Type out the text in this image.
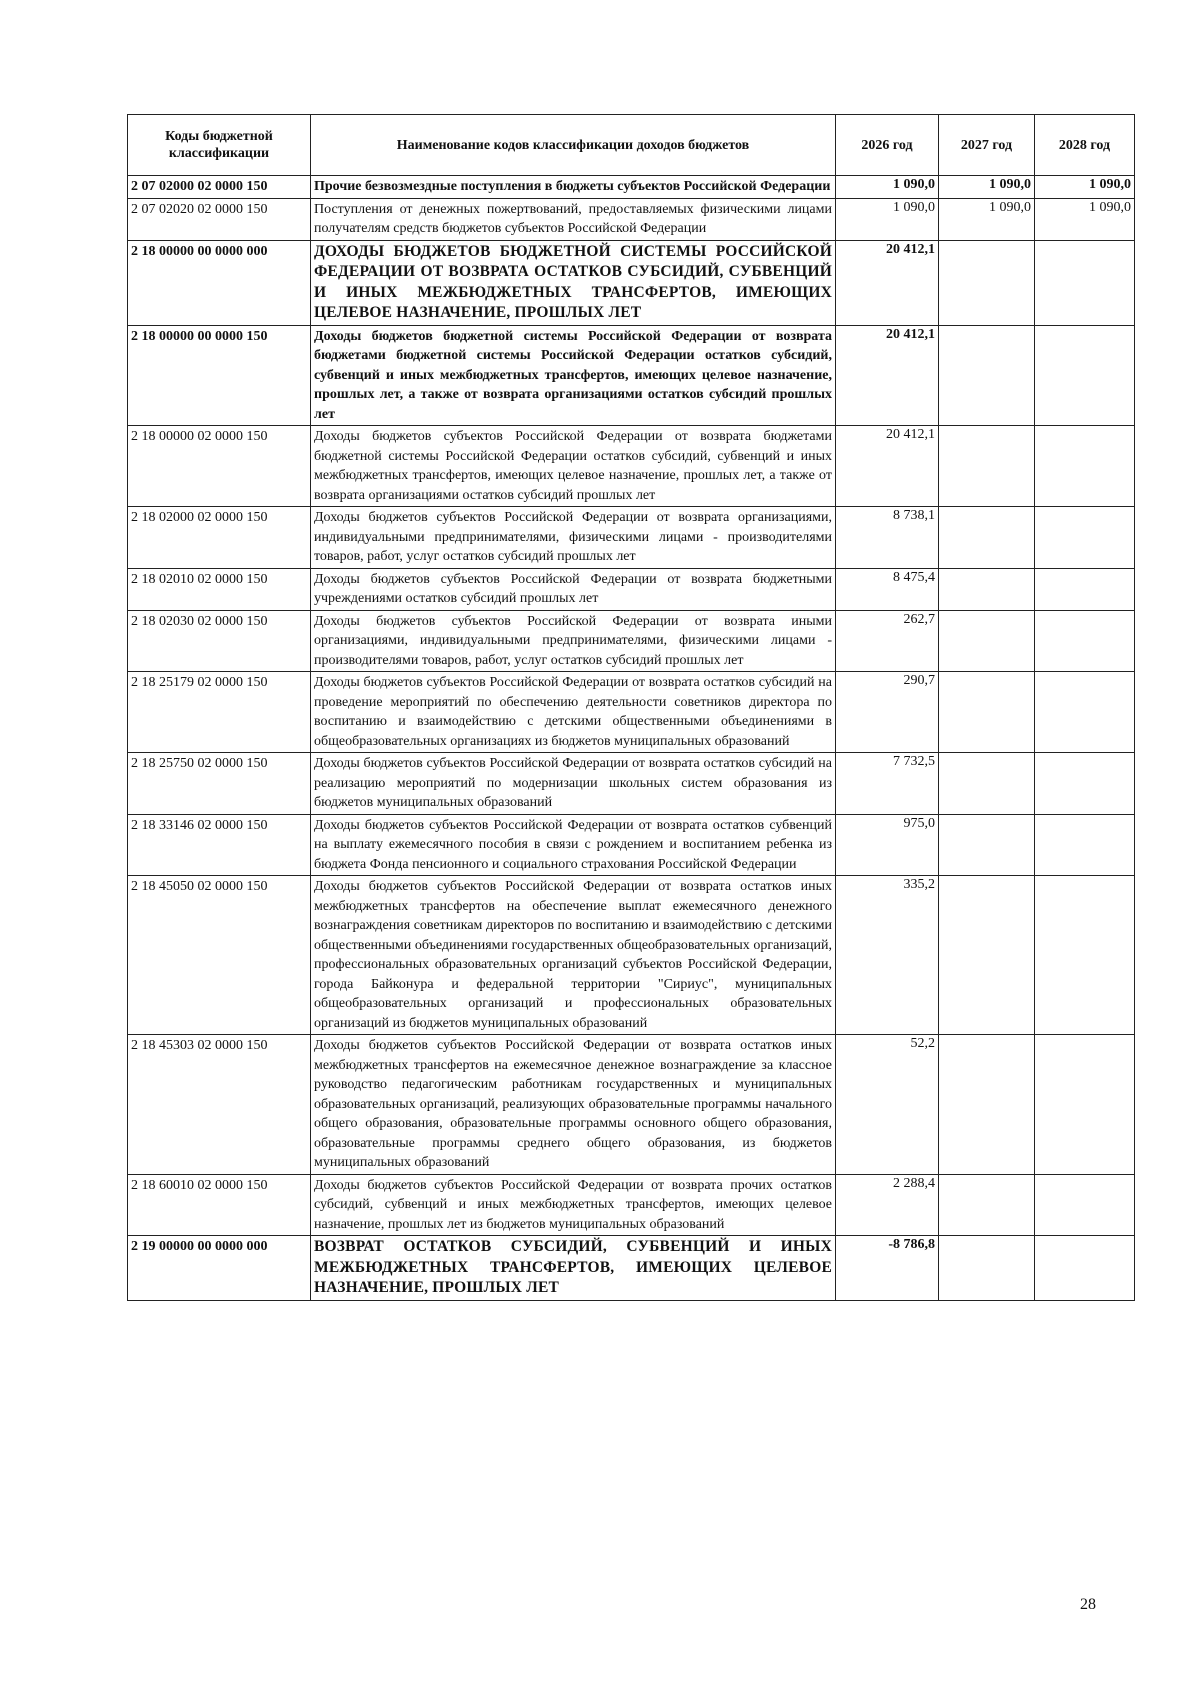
Коды бюджетной классификации	Наименование кодов классификации доходов бюджетов	2026 год	2027 год	2028 год
2 07 02000 02 0000 150	Прочие безвозмездные поступления в бюджеты субъектов Российской Федерации	1 090,0	1 090,0	1 090,0
2 07 02020 02 0000 150	Поступления от денежных пожертвований, предоставляемых физическими лицами получателям средств бюджетов субъектов Российской Федерации	1 090,0	1 090,0	1 090,0
2 18 00000 00 0000 000	ДОХОДЫ БЮДЖЕТОВ БЮДЖЕТНОЙ СИСТЕМЫ РОССИЙСКОЙ ФЕДЕРАЦИИ ОТ ВОЗВРАТА ОСТАТКОВ СУБСИДИЙ, СУБВЕНЦИЙ И ИНЫХ МЕЖБЮДЖЕТНЫХ ТРАНСФЕРТОВ, ИМЕЮЩИХ ЦЕЛЕВОЕ НАЗНАЧЕНИЕ, ПРОШЛЫХ ЛЕТ	20 412,1		
2 18 00000 00 0000 150	Доходы бюджетов бюджетной системы Российской Федерации от возврата бюджетами бюджетной системы Российской Федерации остатков субсидий, субвенций и иных межбюджетных трансфертов, имеющих целевое назначение, прошлых лет, а также от возврата организациями остатков субсидий прошлых лет	20 412,1		
2 18 00000 02 0000 150	Доходы бюджетов субъектов Российской Федерации от возврата бюджетами бюджетной системы Российской Федерации остатков субсидий, субвенций и иных межбюджетных трансфертов, имеющих целевое назначение, прошлых лет, а также от возврата организациями остатков субсидий прошлых лет	20 412,1		
2 18 02000 02 0000 150	Доходы бюджетов субъектов Российской Федерации от возврата организациями, индивидуальными предпринимателями, физическими лицами - производителями товаров, работ, услуг остатков субсидий прошлых лет	8 738,1		
2 18 02010 02 0000 150	Доходы бюджетов субъектов Российской Федерации от возврата бюджетными учреждениями остатков субсидий прошлых лет	8 475,4		
2 18 02030 02 0000 150	Доходы бюджетов субъектов Российской Федерации от возврата иными организациями, индивидуальными предпринимателями, физическими лицами - производителями товаров, работ, услуг остатков субсидий прошлых лет	262,7		
2 18 25179 02 0000 150	Доходы бюджетов субъектов Российской Федерации от возврата остатков субсидий на проведение мероприятий по обеспечению деятельности советников директора по воспитанию и взаимодействию с детскими общественными объединениями в общеобразовательных организациях из бюджетов муниципальных образований	290,7		
2 18 25750 02 0000 150	Доходы бюджетов субъектов Российской Федерации от возврата остатков субсидий на реализацию мероприятий по модернизации школьных систем образования из бюджетов муниципальных образований	7 732,5		
2 18 33146 02 0000 150	Доходы бюджетов субъектов Российской Федерации от возврата остатков субвенций на выплату ежемесячного пособия в связи с рождением и воспитанием ребенка из бюджета Фонда пенсионного и социального страхования Российской Федерации	975,0		
2 18 45050 02 0000 150	Доходы бюджетов субъектов Российской Федерации от возврата остатков иных межбюджетных трансфертов на обеспечение выплат ежемесячного денежного вознаграждения советникам директоров по воспитанию и взаимодействию с детскими общественными объединениями государственных общеобразовательных организаций, профессиональных образовательных организаций субъектов Российской Федерации, города Байконура и федеральной территории "Сириус", муниципальных общеобразовательных организаций и профессиональных образовательных организаций из бюджетов муниципальных образований	335,2		
2 18 45303 02 0000 150	Доходы бюджетов субъектов Российской Федерации от возврата остатков иных межбюджетных трансфертов на ежемесячное денежное вознаграждение за классное руководство педагогическим работникам государственных и муниципальных образовательных организаций, реализующих образовательные программы начального общего образования, образовательные программы основного общего образования, образовательные программы среднего общего образования, из бюджетов муниципальных образований	52,2		
2 18 60010 02 0000 150	Доходы бюджетов субъектов Российской Федерации от возврата прочих остатков субсидий, субвенций и иных межбюджетных трансфертов, имеющих целевое назначение, прошлых лет из бюджетов муниципальных образований	2 288,4		
2 19 00000 00 0000 000	ВОЗВРАТ ОСТАТКОВ СУБСИДИЙ, СУБВЕНЦИЙ И ИНЫХ МЕЖБЮДЖЕТНЫХ ТРАНСФЕРТОВ, ИМЕЮЩИХ ЦЕЛЕВОЕ НАЗНАЧЕНИЕ, ПРОШЛЫХ ЛЕТ	-8 786,8		
28
